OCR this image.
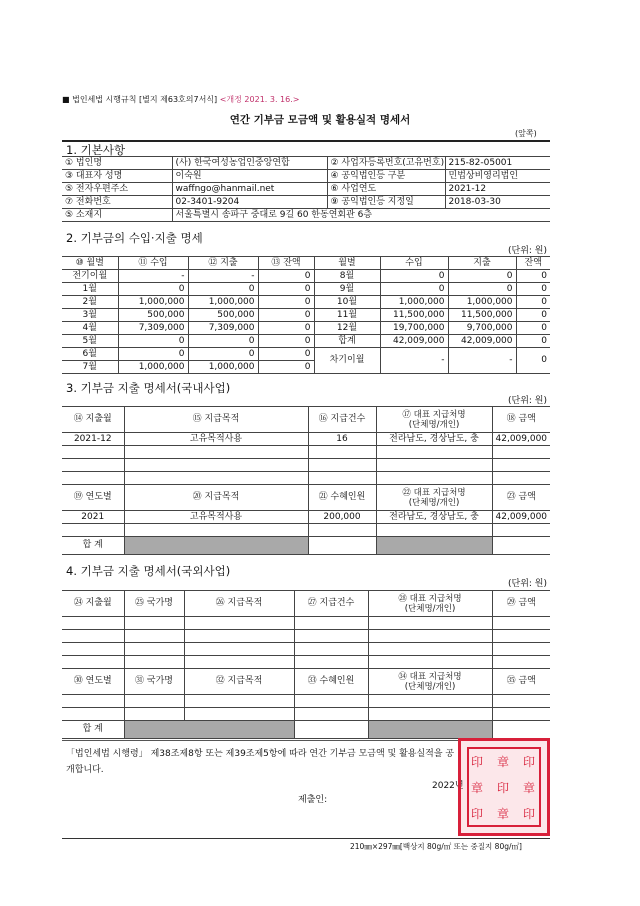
■ 법인세법 시행규칙 [별지 제63호의7서식] <개정 2021. 3. 16.>
연간 기부금 모금액 및 활용실적 명세서
(앞쪽)
1. 기본사항
① 법인명	(사) 한국여성농업인중앙연합	② 사업자등록번호(고유번호)	215-82-05001
③ 대표자 성명	이숙원	④ 공익법인등 구분	민법상비영리법인
⑤ 전자우편주소	waffngo@hanmail.net	⑥ 사업연도	2021-12
⑦ 전화번호	02-3401-9204	⑨ 공익법인등 지정일	2018-03-30
⑤ 소재지	서울특별시 송파구 중대로 9길 60 한동연회관 6층		
2. 기부금의 수입·지출 명세
(단위: 원)
⑩ 월별	⑪ 수입	⑫ 지출	⑬ 잔액	월별	수입	지출	잔액
전기이월	-	-	0	8월	0	0	0
1월	0	0	0	9월	0	0	0
2월	1,000,000	1,000,000	0	10월	1,000,000	1,000,000	0
3월	500,000	500,000	0	11월	11,500,000	11,500,000	0
4월	7,309,000	7,309,000	0	12월	19,700,000	9,700,000	0
5월	0	0	0	합계	42,009,000	42,009,000	0
6월	0	0	0	차기이월	-	-	0
7월	1,000,000	1,000,000	0				
3. 기부금 지출 명세서(국내사업)
(단위: 원)
⑭ 지출월	⑮ 지급목적	⑯ 지급건수	⑰ 대표 지급처명
(단체명/개인)	⑱ 금액
2021-12	고유목적사용	16	전라남도, 경상남도, 충	42,009,000

⑲ 연도별	⑳ 지급목적	㉑ 수혜인원	㉒ 대표 지급처명
(단체명/개인)	㉓ 금액
2021	고유목적사용	200,000	전라남도, 경상남도, 충	42,009,000

합 계				
4. 기부금 지출 명세서(국외사업)
(단위: 원)
㉔ 지출월	㉕ 국가명	㉖ 지급목적	㉗ 지급건수	㉘ 대표 지급처명
(단체명/개인)	㉙ 금액

㉚ 연도별	㉛ 국가명	㉜ 지급목적	㉝ 수혜인원	㉞ 대표 지급처명
(단체명/개인)	㉟ 금액

합 계					
「법인세법 시행령」 제38조제8항 또는 제39조제5항에 따라 연간 기부금 모금액 및 활용실적을 공
개합니다.
2022년
제출인:
印 章 印
章 印 章
印 章 印
210㎜×297㎜[백상지 80g/㎡ 또는 중질지 80g/㎡]
